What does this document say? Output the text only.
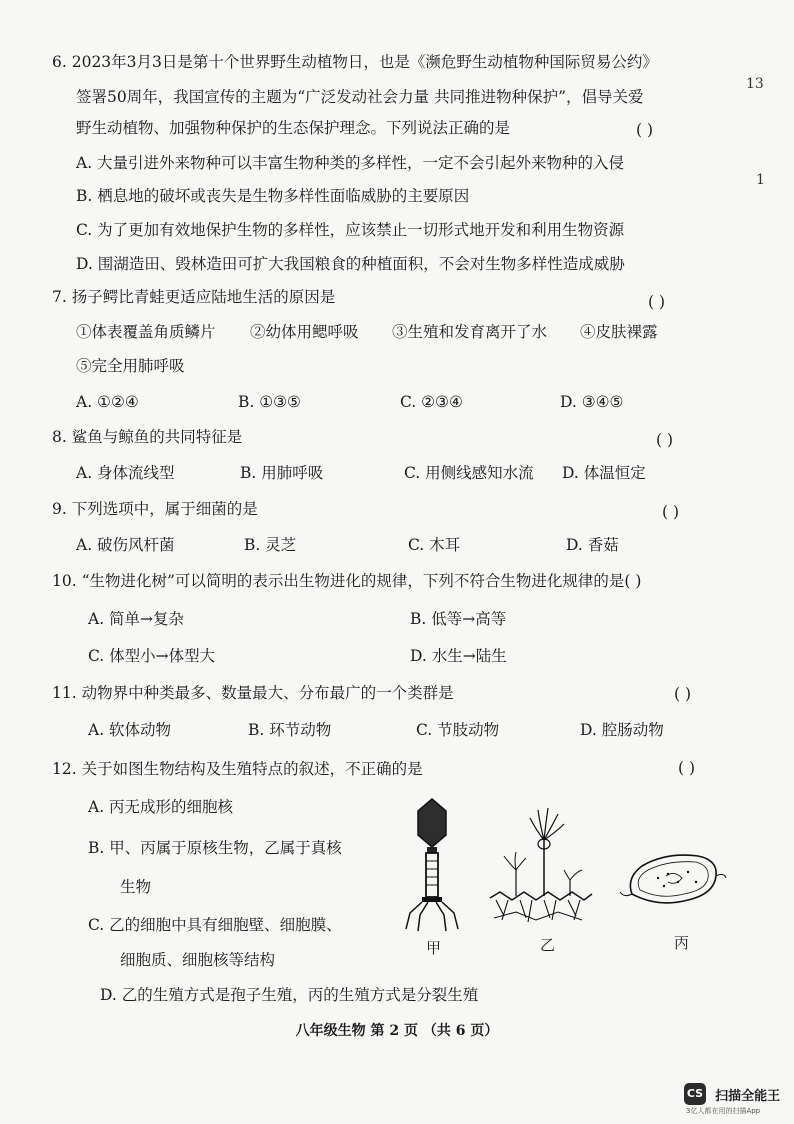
13
1
6. 2023年3月3日是第十个世界野生动植物日，也是《濒危野生动植物种国际贸易公约》
签署50周年，我国宣传的主题为“广泛发动社会力量 共同推进物种保护”，倡导关爱
野生动植物、加强物种保护的生态保护理念。下列说法正确的是	( )
A. 大量引进外来物种可以丰富生物种类的多样性，一定不会引起外来物种的入侵
B. 栖息地的破坏或丧失是生物多样性面临威胁的主要原因
C. 为了更加有效地保护生物的多样性，应该禁止一切形式地开发和利用生物资源
D. 围湖造田、毁林造田可扩大我国粮食的种植面积，不会对生物多样性造成威胁
7. 扬子鳄比青蛙更适应陆地生活的原因是	( )
①体表覆盖角质鳞片 ②幼体用鳃呼吸 ③生殖和发育离开了水 ④皮肤裸露
⑤完全用肺呼吸
A. ①②④	B. ①③⑤	C. ②③④	D. ③④⑤
8. 鲨鱼与鲸鱼的共同特征是	( )
A. 身体流线型	B. 用肺呼吸	C. 用侧线感知水流 D. 体温恒定
9. 下列选项中，属于细菌的是	( )
A. 破伤风杆菌	B. 灵芝	C. 木耳	D. 香菇
10. “生物进化树”可以简明的表示出生物进化的规律，下列不符合生物进化规律的是( )
A. 简单→复杂	B. 低等→高等
C. 体型小→体型大	D. 水生→陆生
11. 动物界中种类最多、数量最大、分布最广的一个类群是	( )
A. 软体动物	B. 环节动物	C. 节肢动物	D. 腔肠动物
12. 关于如图生物结构及生殖特点的叙述，不正确的是	( )
A. 丙无成形的细胞核
B. 甲、丙属于原核生物，乙属于真核
生物
C. 乙的细胞中具有细胞壁、细胞膜、
细胞质、细胞核等结构
D. 乙的生殖方式是孢子生殖，丙的生殖方式是分裂生殖
甲	乙	丙
八年级生物 第 2 页 （共 6 页）
CS 扫描全能王
3亿人都在用的扫描App
